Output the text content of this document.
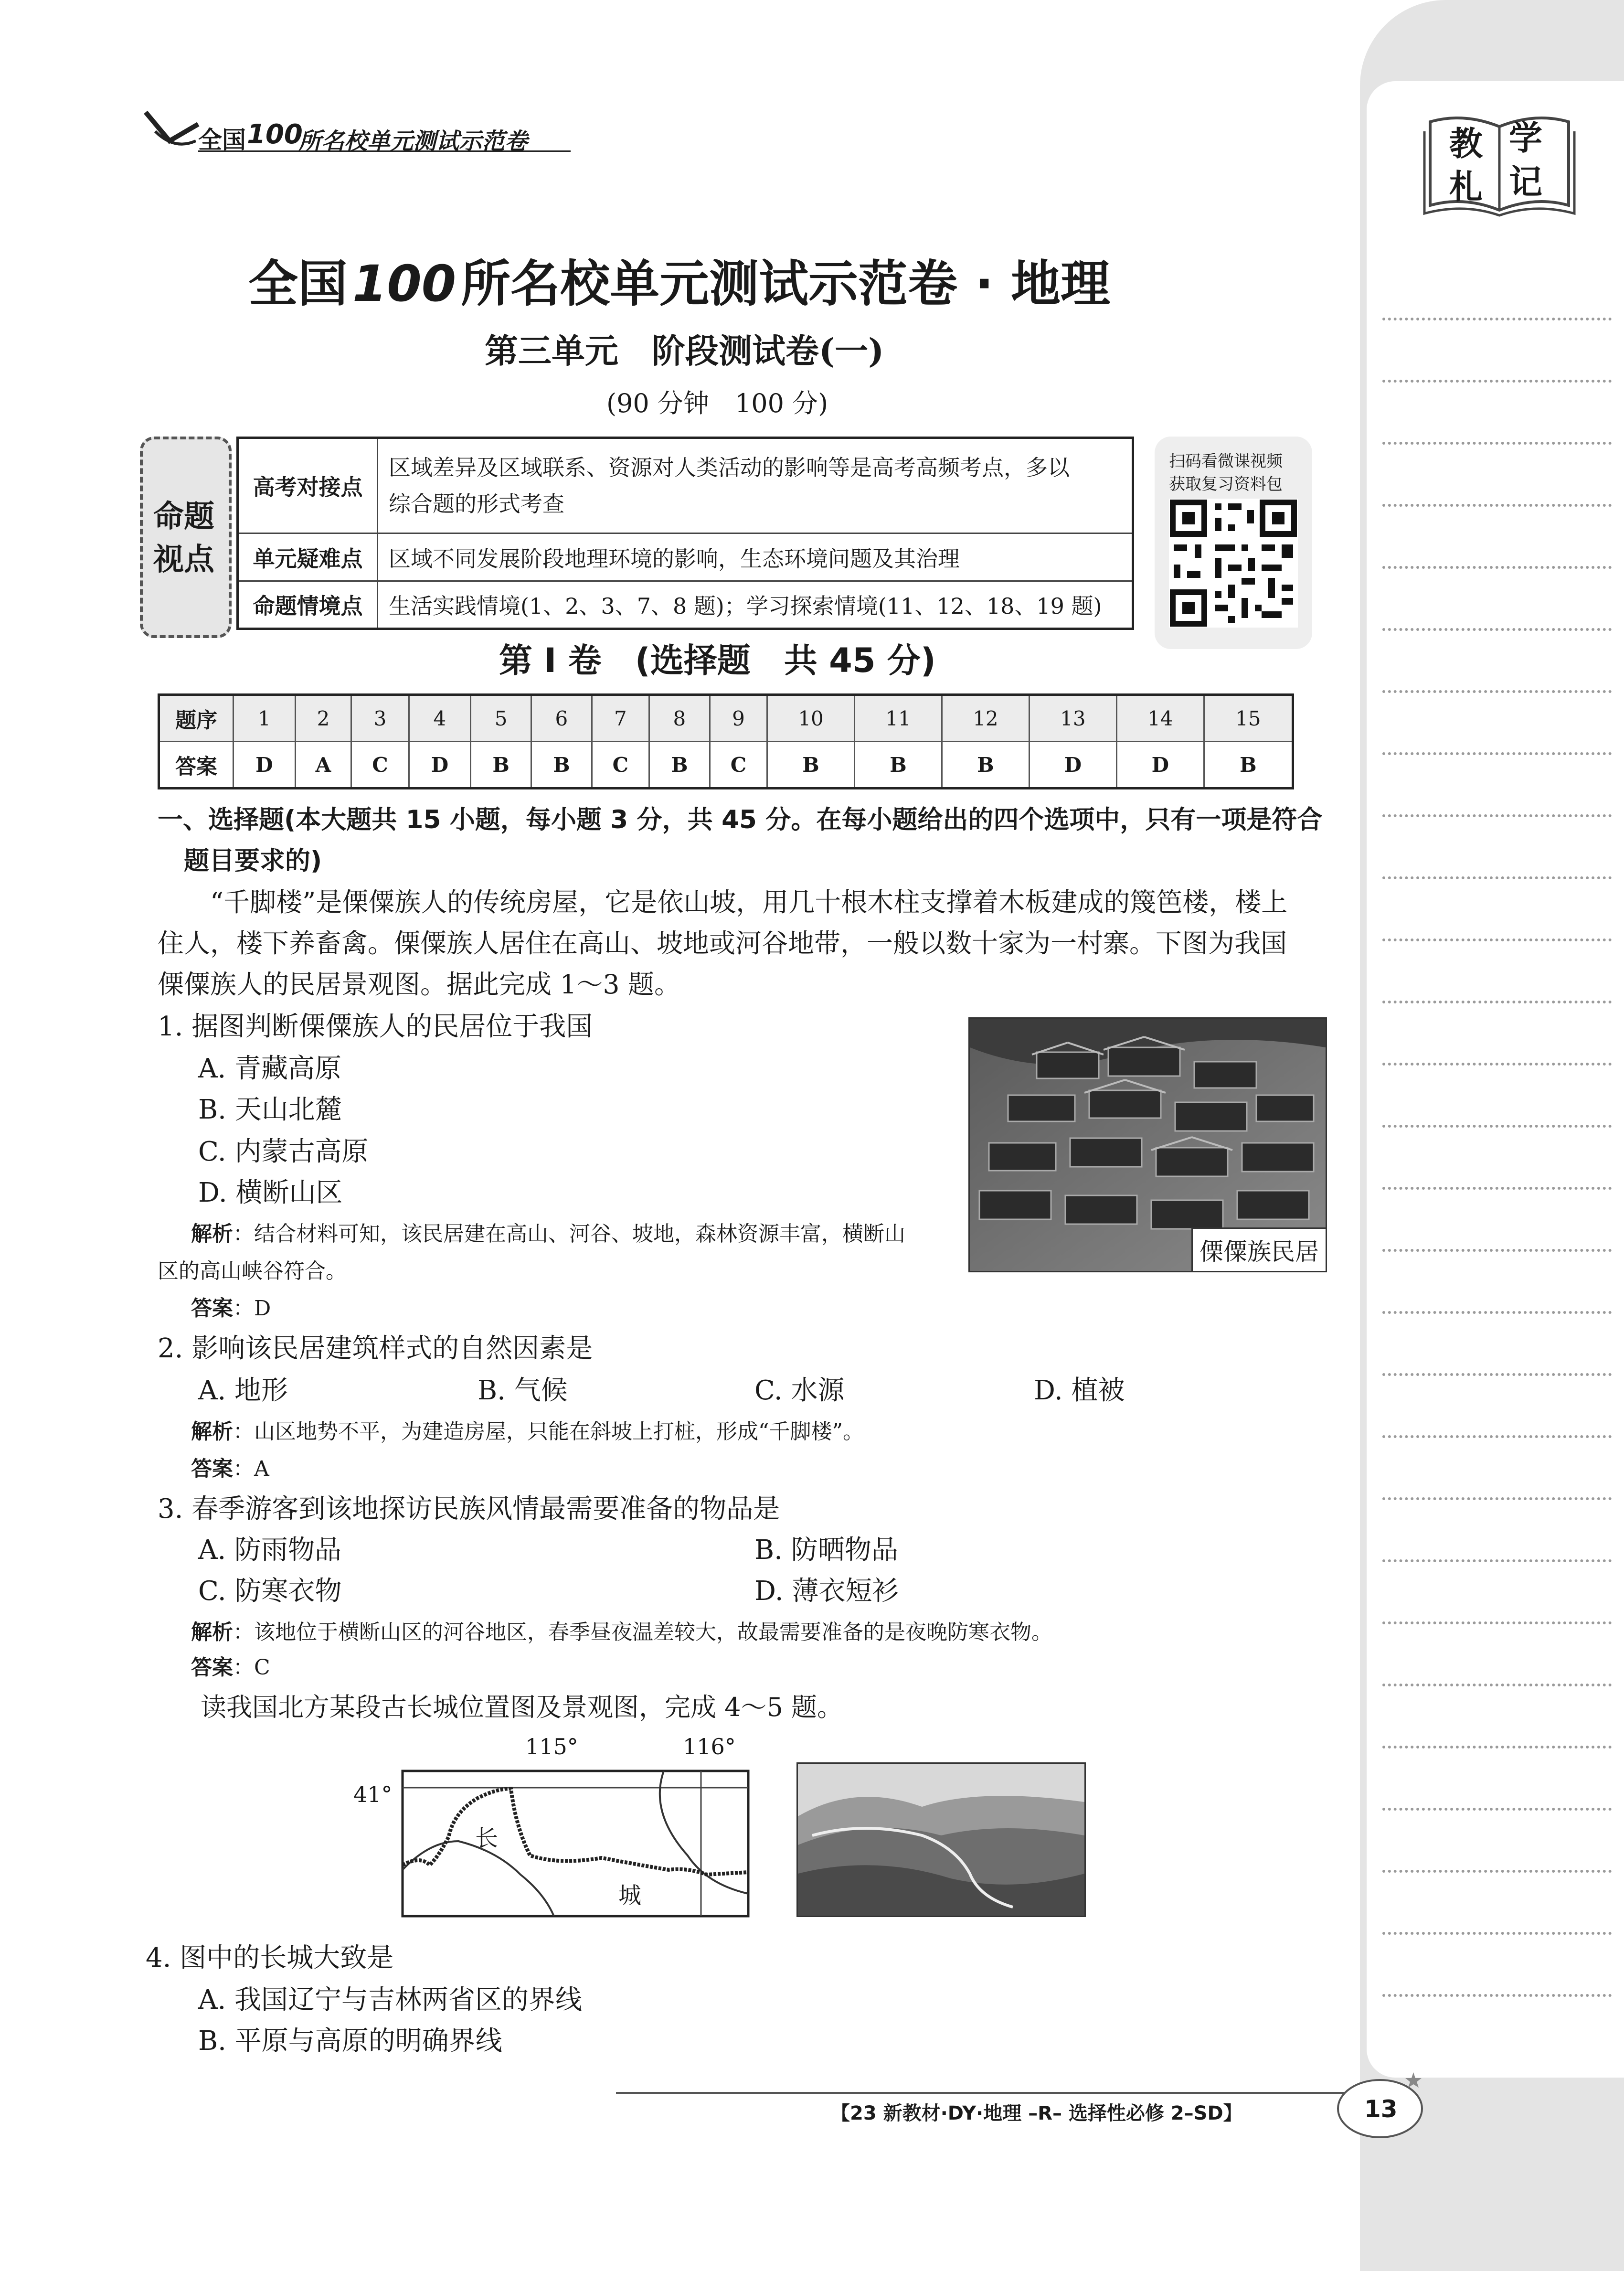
教 学
札 记
全国 100
所名校单元测试示范卷
全国100所名校单元测试示范卷 · 地理
第三单元　阶段测试卷(一)
(90 分钟　100 分)
命题
视点
高考对接点	区域差异及区域联系、资源对人类活动的影响等是高考高频考点，多以
综合题的形式考查

单元疑难点	区域不同发展阶段地理环境的影响，生态环境问题及其治理
命题情境点	生活实践情境(1、2、3、7、8 题)；学习探索情境(11、12、18、19 题)
扫码看微课视频
获取复习资料包
第 Ⅰ 卷　(选择题　共 45 分)
题序	1	2	3	4	5	6	7	8	9	10	11	12	13	14	15
答案	D	A	C	D	B	B	C	B	C	B	B	B	D	D	B
一、选择题(本大题共 15 小题，每小题 3 分，共 45 分。在每小题给出的四个选项中，只有一项是符合
题目要求的)
“千脚楼”是傈僳族人的传统房屋，它是依山坡，用几十根木柱支撑着木板建成的篾笆楼，楼上
住人，楼下养畜禽。傈僳族人居住在高山、坡地或河谷地带，一般以数十家为一村寨。下图为我国
傈僳族人的民居景观图。据此完成 1～3 题。
傈僳族民居
1. 据图判断傈僳族人的民居位于我国
A. 青藏高原
B. 天山北麓
C. 内蒙古高原
D. 横断山区
解析：结合材料可知，该民居建在高山、河谷、坡地，森林资源丰富，横断山
区的高山峡谷符合。
答案：D
2. 影响该民居建筑样式的自然因素是
A. 地形	B. 气候	C. 水源	D. 植被
解析：山区地势不平，为建造房屋，只能在斜坡上打桩，形成“千脚楼”。
答案：A
3. 春季游客到该地探访民族风情最需要准备的物品是
A. 防雨物品	B. 防晒物品
C. 防寒衣物	D. 薄衣短衫
解析：该地位于横断山区的河谷地区，春季昼夜温差较大，故最需要准备的是夜晚防寒衣物。
答案：C
读我国北方某段古长城位置图及景观图，完成 4～5 题。
115°	116°
41°
长
城
4. 图中的长城大致是
A. 我国辽宁与吉林两省区的界线
B. 平原与高原的明确界线
【23 新教材·DY·地理 –R– 选择性必修 2–SD】	13
